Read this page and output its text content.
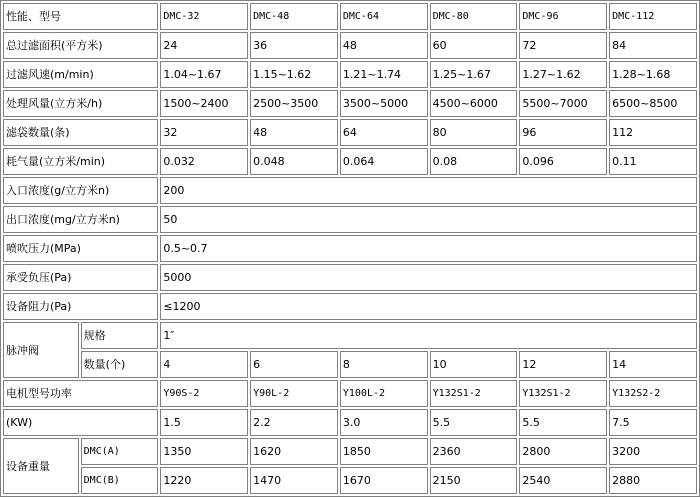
性能、型号		DMC-32	DMC-48	DMC-64	DMC-80	DMC-96	DMC-112
总过滤面积(平方米)		24	36	48	60	72	84
过滤风速(m/min)		1.04~1.67	1.15~1.62	1.21~1.74	1.25~1.67	1.27~1.62	1.28~1.68
处理风量(立方米/h)		1500~2400	2500~3500	3500~5000	4500~6000	5500~7000	6500~8500
滤袋数量(条)		32	48	64	80	96	112
耗气量(立方米/min)		0.032	0.048	0.064	0.08	0.096	0.11
入口浓度(g/立方米n)		200					
出口浓度(mg/立方米n)		50					
喷吹压力(MPa)		0.5~0.7					
承受负压(Pa)		5000					
设备阻力(Pa)		≤1200					
脉冲阀	规格	1″					
	数量(个)	4	6	8	10	12	14
电机型号功率		Y90S-2	Y90L-2	Y100L-2	Y132S1-2	Y132S1-2	Y132S2-2
(KW)		1.5	2.2	3.0	5.5	5.5	7.5
设备重量	DMC(A)	1350	1620	1850	2360	2800	3200
	DMC(B)	1220	1470	1670	2150	2540	2880
